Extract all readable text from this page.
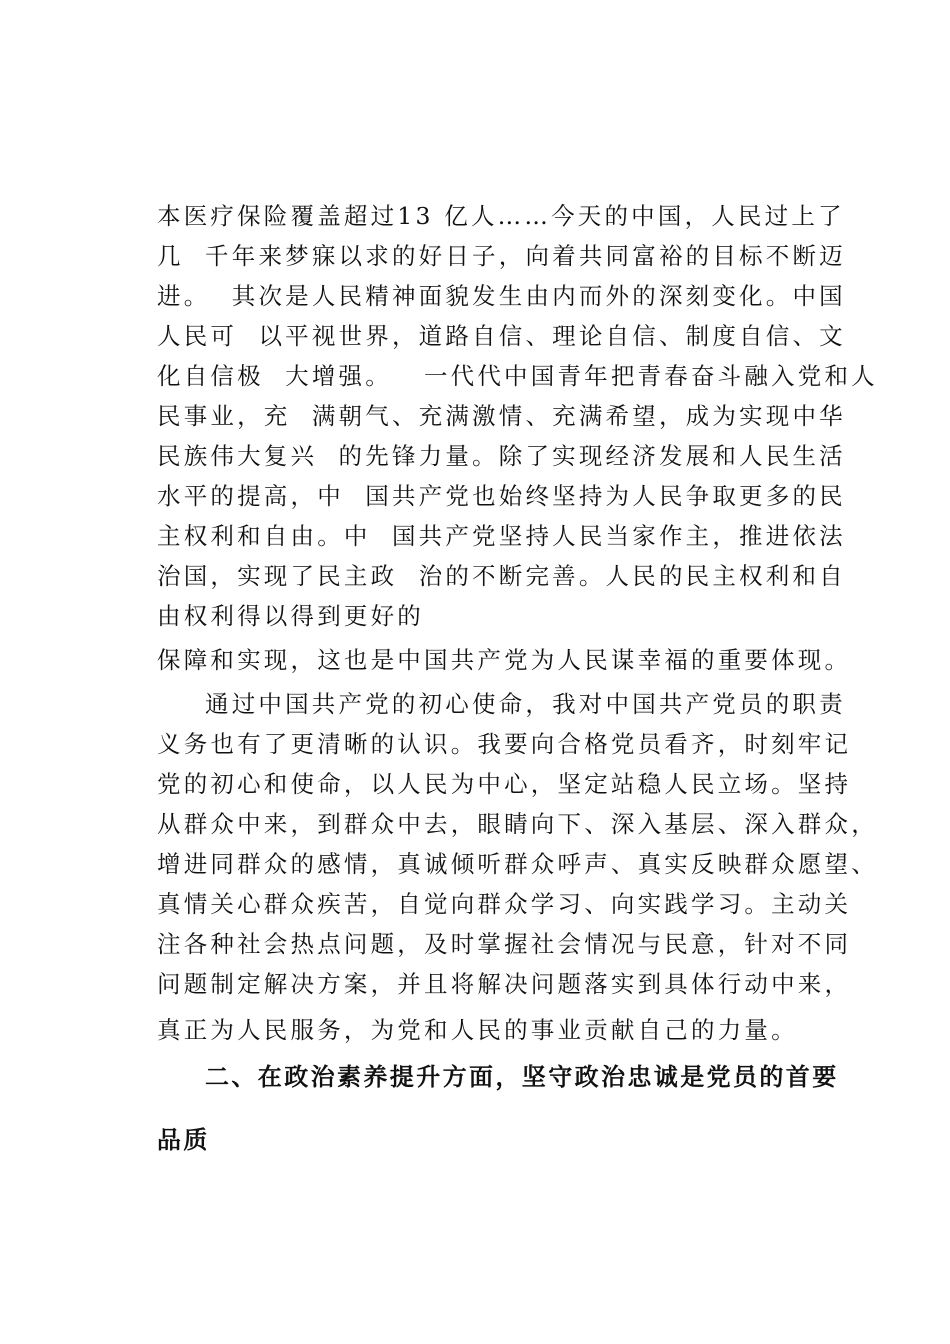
本医疗保险覆盖超过13 亿人……今天的中国，人民过上了
几  千年来梦寐以求的好日子，向着共同富裕的目标不断迈
进。  其次是人民精神面貌发生由内而外的深刻变化。中国
人民可  以平视世界，道路自信、理论自信、制度自信、文
化自信极  大增强。   一代代中国青年把青春奋斗融入党和人
民事业，充  满朝气、充满激情、充满希望，成为实现中华
民族伟大复兴  的先锋力量。除了实现经济发展和人民生活
水平的提高，中  国共产党也始终坚持为人民争取更多的民
主权利和自由。中  国共产党坚持人民当家作主，推进依法
治国，实现了民主政  治的不断完善。人民的民主权利和自
由权利得以得到更好的
保障和实现，这也是中国共产党为人民谋幸福的重要体现。
通过中国共产党的初心使命，我对中国共产党员的职责
义务也有了更清晰的认识。我要向合格党员看齐，时刻牢记
党的初心和使命，以人民为中心，坚定站稳人民立场。坚持
从群众中来，到群众中去，眼睛向下、深入基层、深入群众，
增进同群众的感情，真诚倾听群众呼声、真实反映群众愿望、
真情关心群众疾苦，自觉向群众学习、向实践学习。主动关
注各种社会热点问题，及时掌握社会情况与民意，针对不同
问题制定解决方案，并且将解决问题落实到具体行动中来，
真正为人民服务，为党和人民的事业贡献自己的力量。
二、在政治素养提升方面，坚守政治忠诚是党员的首要
品质
